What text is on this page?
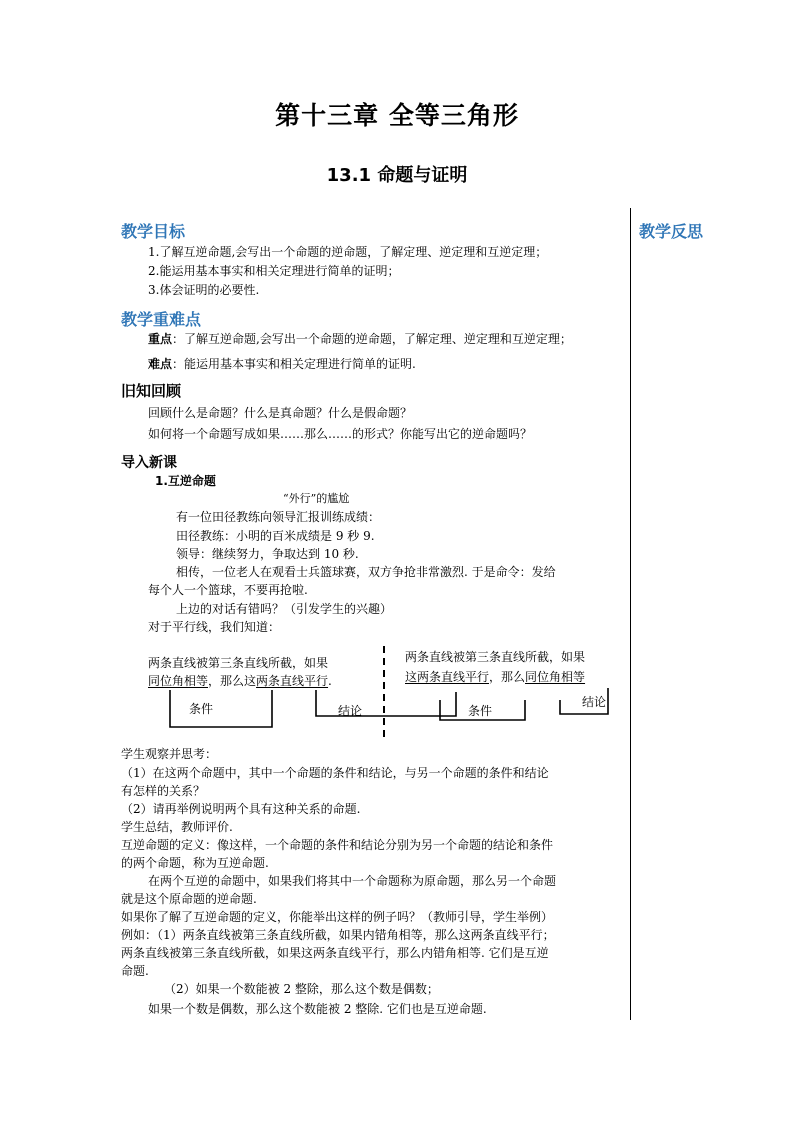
第十三章 全等三角形
13.1 命题与证明
教学反思
教学目标
1.了解互逆命题,会写出一个命题的逆命题，了解定理、逆定理和互逆定理；
2.能运用基本事实和相关定理进行简单的证明；
3.体会证明的必要性.
教学重难点
重点：了解互逆命题,会写出一个命题的逆命题，了解定理、逆定理和互逆定理；
难点：能运用基本事实和相关定理进行简单的证明.
旧知回顾
回顾什么是命题？什么是真命题？什么是假命题？
如何将一个命题写成如果……那么……的形式？你能写出它的逆命题吗？
导入新课
1.互逆命题
“外行”的尴尬
有一位田径教练向领导汇报训练成绩：
田径教练：小明的百米成绩是 9 秒 9.
领导：继续努力，争取达到 10 秒.
相传，一位老人在观看士兵篮球赛，双方争抢非常激烈. 于是命令：发给
每个人一个篮球，不要再抢啦.
上边的对话有错吗？（引发学生的兴趣）
对于平行线，我们知道：
两条直线被第三条直线所截，如果
同位角相等，那么这两条直线平行.
两条直线被第三条直线所截，如果
这两条直线平行，那么同位角相等
条件	结论	条件
结论
学生观察并思考：
（1）在这两个命题中，其中一个命题的条件和结论，与另一个命题的条件和结论
有怎样的关系？
（2）请再举例说明两个具有这种关系的命题.
学生总结，教师评价.
互逆命题的定义：像这样，一个命题的条件和结论分别为另一个命题的结论和条件
的两个命题，称为互逆命题.
在两个互逆的命题中，如果我们将其中一个命题称为原命题，那么另一个命题
就是这个原命题的逆命题.
如果你了解了互逆命题的定义，你能举出这样的例子吗？（教师引导，学生举例）
例如：（1）两条直线被第三条直线所截，如果内错角相等，那么这两条直线平行；
两条直线被第三条直线所截，如果这两条直线平行，那么内错角相等. 它们是互逆
命题.
（2）如果一个数能被 2 整除，那么这个数是偶数；
如果一个数是偶数，那么这个数能被 2 整除. 它们也是互逆命题.
